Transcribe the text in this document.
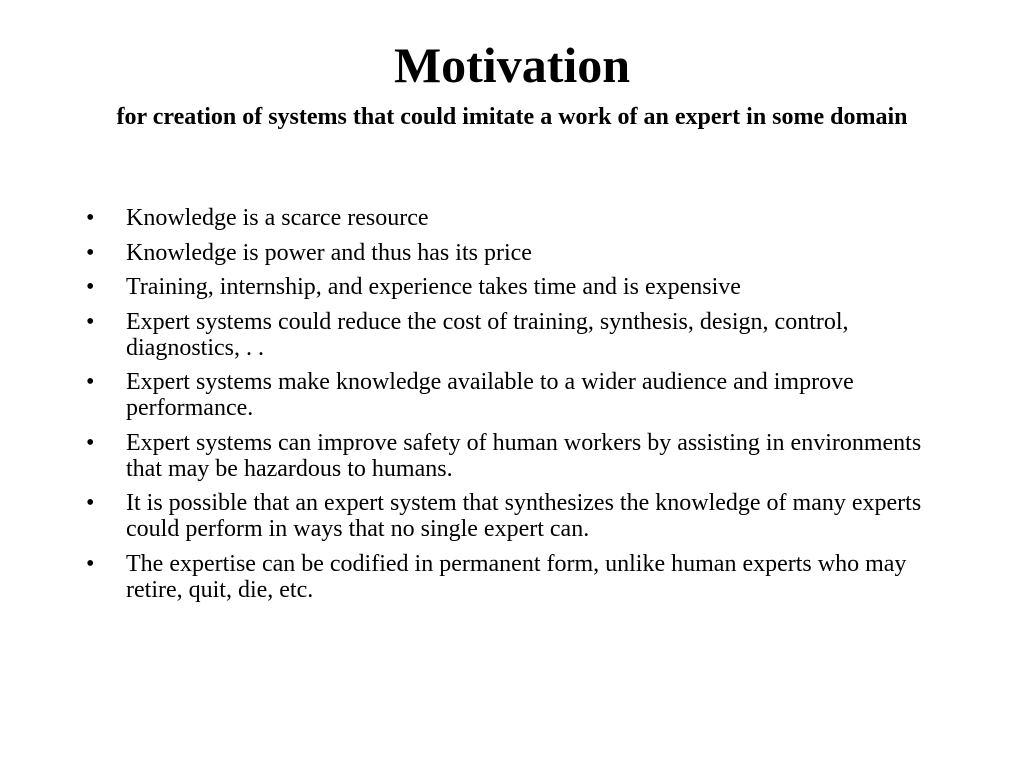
Motivation

for creation of systems that could imitate a work of an expert in some domain

•	Knowledge is a scarce resource
•	Knowledge is power and thus has its price
•	Training, internship, and experience takes time and is expensive
•	Expert systems could reduce the cost of training, synthesis, design, control, diagnostics, . .
•	Expert systems make knowledge available to a wider audience and improve performance.
•	Expert systems can improve safety of human workers by assisting in environments that may be hazardous to humans.
•	It is possible that an expert system that synthesizes the knowledge of many experts could perform in ways that no single expert can.
•	The expertise can be codified in permanent form, unlike human experts who may retire, quit, die, etc.
